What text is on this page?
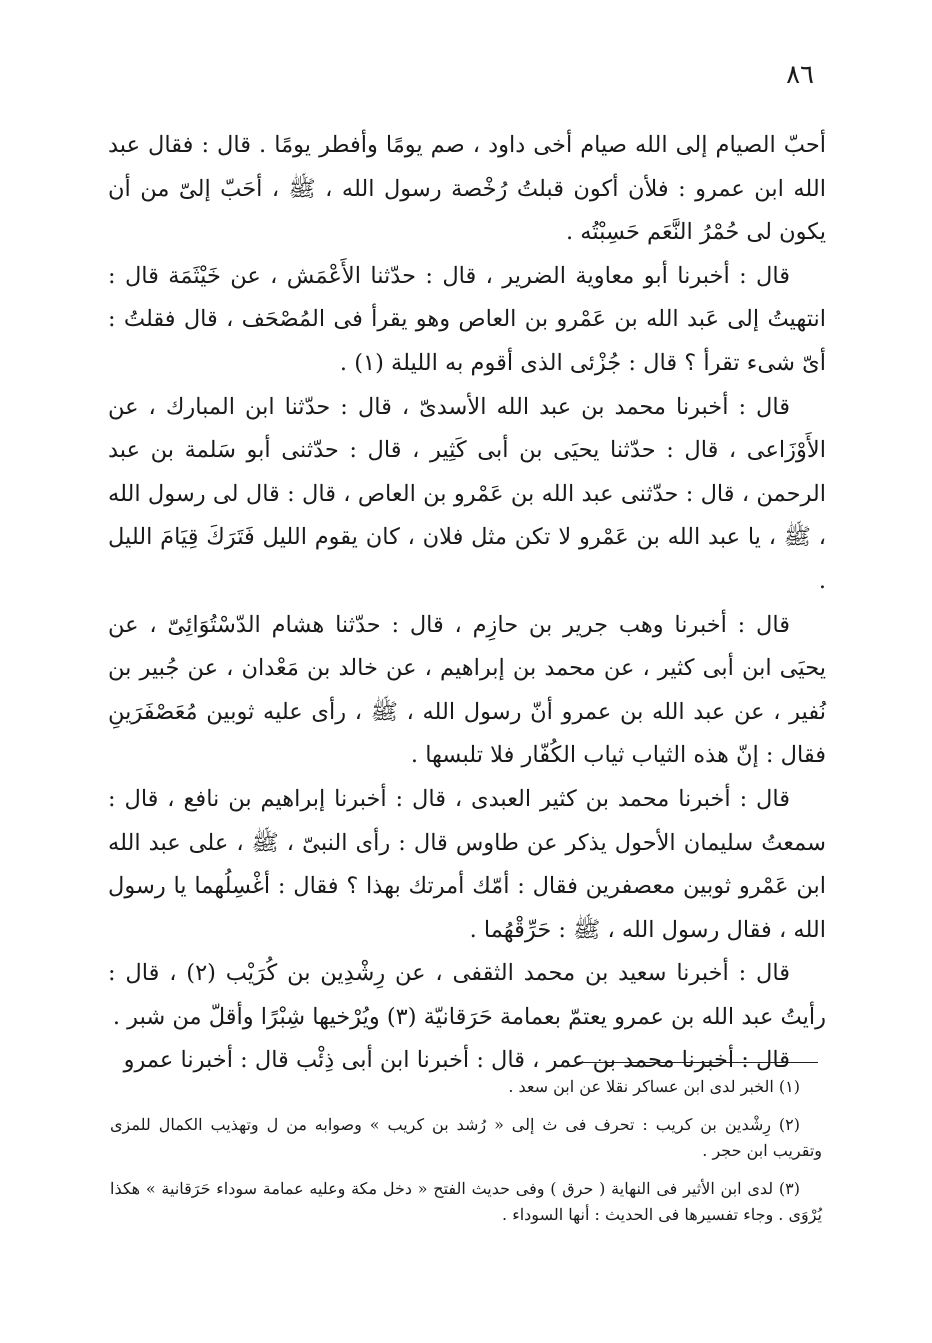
٨٦

أحبّ الصيام إلى الله صيام أخى داود ، صم يومًا وأفطر يومًا . قال : فقال عبد الله ابن عمرو : فلأن أكون قبلتُ رُخْصة رسول الله ، ﷺ ، أحَبّ إلىّ من أن يكون لى حُمْرُ النَّعَم حَسِبْتُه .

قال : أخبرنا أبو معاوية الضرير ، قال : حدّثنا الأَعْمَش ، عن خَيْثَمَة قال : انتهيتُ إلى عَبد الله بن عَمْرو بن العاص وهو يقرأ فى المُصْحَف ، قال فقلتُ : أىّ شىء تقرأ ؟ قال : جُزْئى الذى أقوم به الليلة (١) .

قال : أخبرنا محمد بن عبد الله الأسدىّ ، قال : حدّثنا ابن المبارك ، عن الأَوْزَاعى ، قال : حدّثنا يحيَى بن أبى كَثِير ، قال : حدّثنى أبو سَلمة بن عبد الرحمن ، قال : حدّثنى عبد الله بن عَمْرو بن العاص ، قال : قال لى رسول الله ، ﷺ ، يا عبد الله بن عَمْرو لا تكن مثل فلان ، كان يقوم الليل فَتَرَكَ قِيَامَ الليل .

قال : أخبرنا وهب جرير بن حازِم ، قال : حدّثنا هشام الدّسْتُوَائِىّ ، عن يحيَى ابن أبى كثير ، عن محمد بن إبراهيم ، عن خالد بن مَعْدان ، عن جُبير بن نُفير ، عن عبد الله بن عمرو أنّ رسول الله ، ﷺ ، رأى عليه ثوبين مُعَصْفَرَينِ فقال : إنّ هذه الثياب ثياب الكُفّار فلا تلبسها .

قال : أخبرنا محمد بن كثير العبدى ، قال : أخبرنا إبراهيم بن نافع ، قال : سمعتُ سليمان الأحول يذكر عن طاوس قال : رأى النبىّ ، ﷺ ، على عبد الله ابن عَمْرو ثوبين معصفرين فقال : أمّك أمرتك بهذا ؟ فقال : أغْسِلُهما يا رسول الله ، فقال رسول الله ، ﷺ : حَرِّقْهُما .

قال : أخبرنا سعيد بن محمد الثقفى ، عن رِشْدِين بن كُرَيْب (٢) ، قال : رأيتُ عبد الله بن عمرو يعتمّ بعمامة حَرَقانيّة (٣) ويُرْخيها شِبْرًا وأقلّ من شبر .

قال : أخبرنا محمد بن عمر ، قال : أخبرنا ابن أبى ذِئْب قال : أخبرنا عمرو

(١) الخبر لدى ابن عساكر نقلا عن ابن سعد .

(٢) رِشْدين بن كريب : تحرف فى ث إلى « رُشد بن كريب » وصوابه من ل وتهذيب الكمال للمزى وتقريب ابن حجر .

(٣) لدى ابن الأثير فى النهاية ( حرق ) وفى حديث الفتح « دخل مكة وعليه عمامة سوداء حَرَقانية » هكذا يُرْوَى . وجاء تفسيرها فى الحديث : أنها السوداء .
